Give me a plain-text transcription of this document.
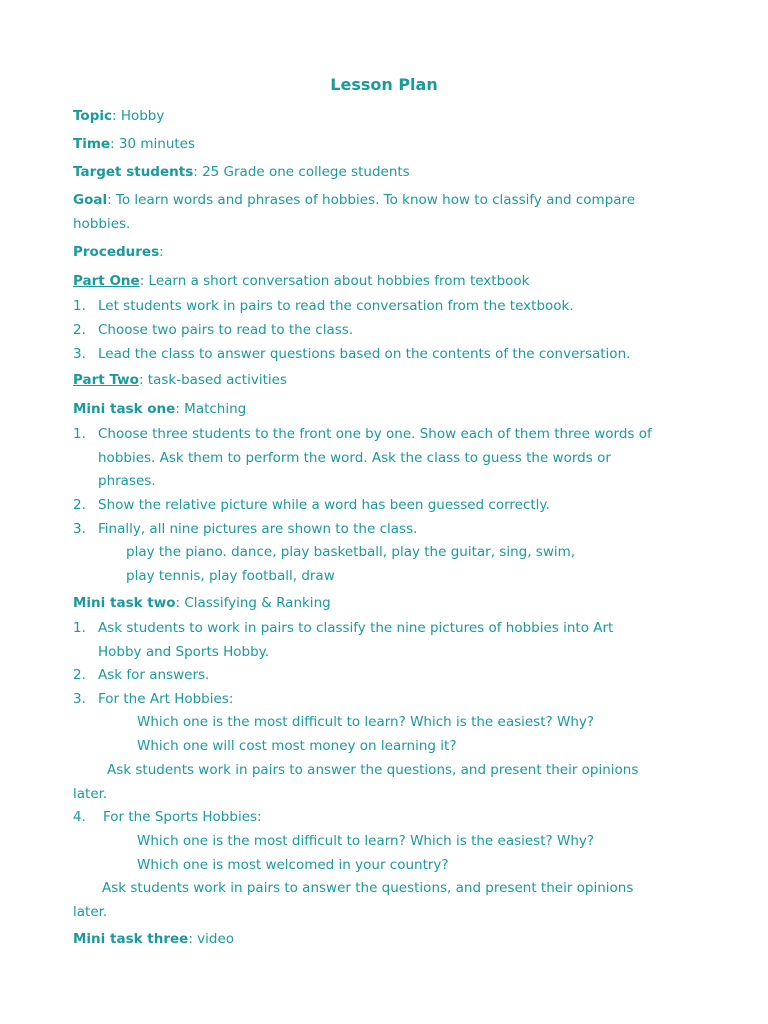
Lesson Plan
Topic: Hobby
Time: 30 minutes
Target students: 25 Grade one college students
Goal: To learn words and phrases of hobbies. To know how to classify and compare
hobbies.
Procedures:
Part One: Learn a short conversation about hobbies from textbook
1. Let students work in pairs to read the conversation from the textbook.
2. Choose two pairs to read to the class.
3. Lead the class to answer questions based on the contents of the conversation.
Part Two: task-based activities
Mini task one: Matching
1. Choose three students to the front one by one. Show each of them three words of
hobbies. Ask them to perform the word. Ask the class to guess the words or
phrases.
2. Show the relative picture while a word has been guessed correctly.
3. Finally, all nine pictures are shown to the class.
play the piano. dance, play basketball, play the guitar, sing, swim,
play tennis, play football, draw
Mini task two: Classifying & Ranking
1. Ask students to work in pairs to classify the nine pictures of hobbies into Art
Hobby and Sports Hobby.
2. Ask for answers.
3. For the Art Hobbies:
Which one is the most difficult to learn? Which is the easiest? Why?
Which one will cost most money on learning it?
Ask students work in pairs to answer the questions, and present their opinions
later.
4. For the Sports Hobbies:
Which one is the most difficult to learn? Which is the easiest? Why?
Which one is most welcomed in your country?
Ask students work in pairs to answer the questions, and present their opinions
later.
Mini task three: video
